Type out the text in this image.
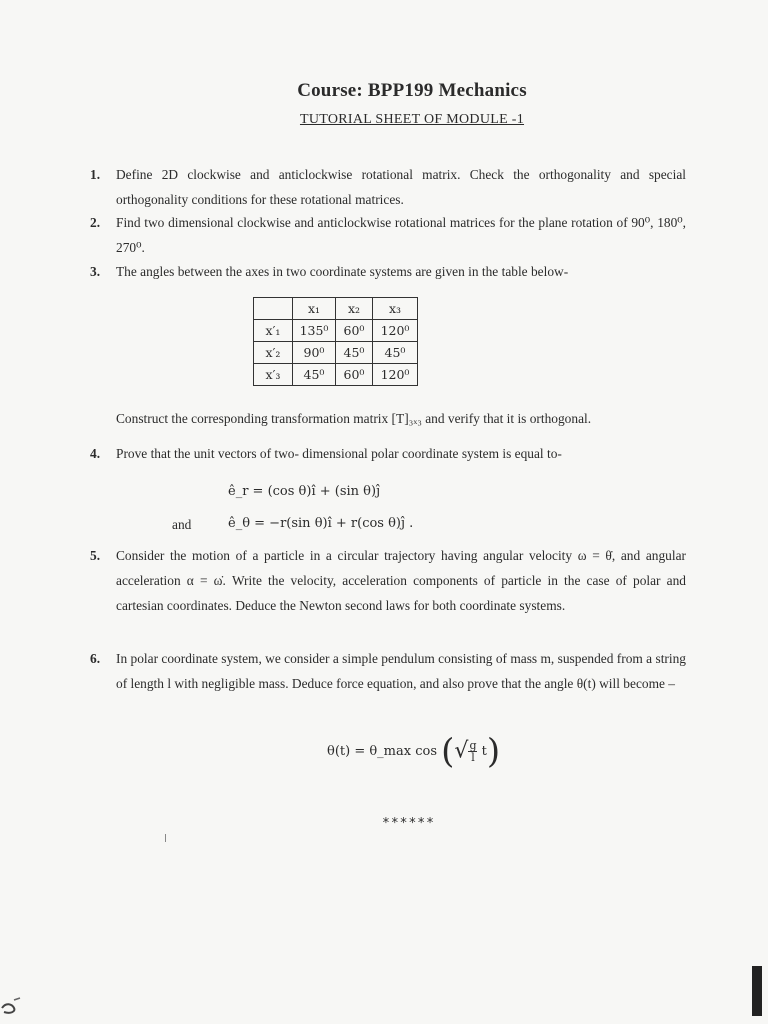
Course: BPP199 Mechanics
TUTORIAL SHEET OF MODULE -1
1. Define 2D clockwise and anticlockwise rotational matrix. Check the orthogonality and special orthogonality conditions for these rotational matrices.
2. Find two dimensional clockwise and anticlockwise rotational matrices for the plane rotation of 90⁰, 180⁰, 270⁰.
3. The angles between the axes in two coordinate systems are given in the table below-
	x₁	x₂	x₃
x′₁	135⁰	60⁰	120⁰
x′₂	90⁰	45⁰	45⁰
x′₃	45⁰	60⁰	120⁰
Construct the corresponding transformation matrix [T]₃ₓ₃ and verify that it is orthogonal.
4. Prove that the unit vectors of two- dimensional polar coordinate system is equal to-
ê_r = (cos θ)î + (sin θ)ĵ
and	ê_θ = −r(sin θ)î + r(cos θ)ĵ .
5. Consider the motion of a particle in a circular trajectory having angular velocity ω = θ̇, and angular acceleration α = ω̇. Write the velocity, acceleration components of particle in the case of polar and cartesian coordinates. Deduce the Newton second laws for both coordinate systems.
6. In polar coordinate system, we consider a simple pendulum consisting of mass m, suspended from a string of length l with negligible mass. Deduce force equation, and also prove that the angle θ(t) will become –
θ(t) = θ_max cos (√ $\frac{g}{l} t$)
******
